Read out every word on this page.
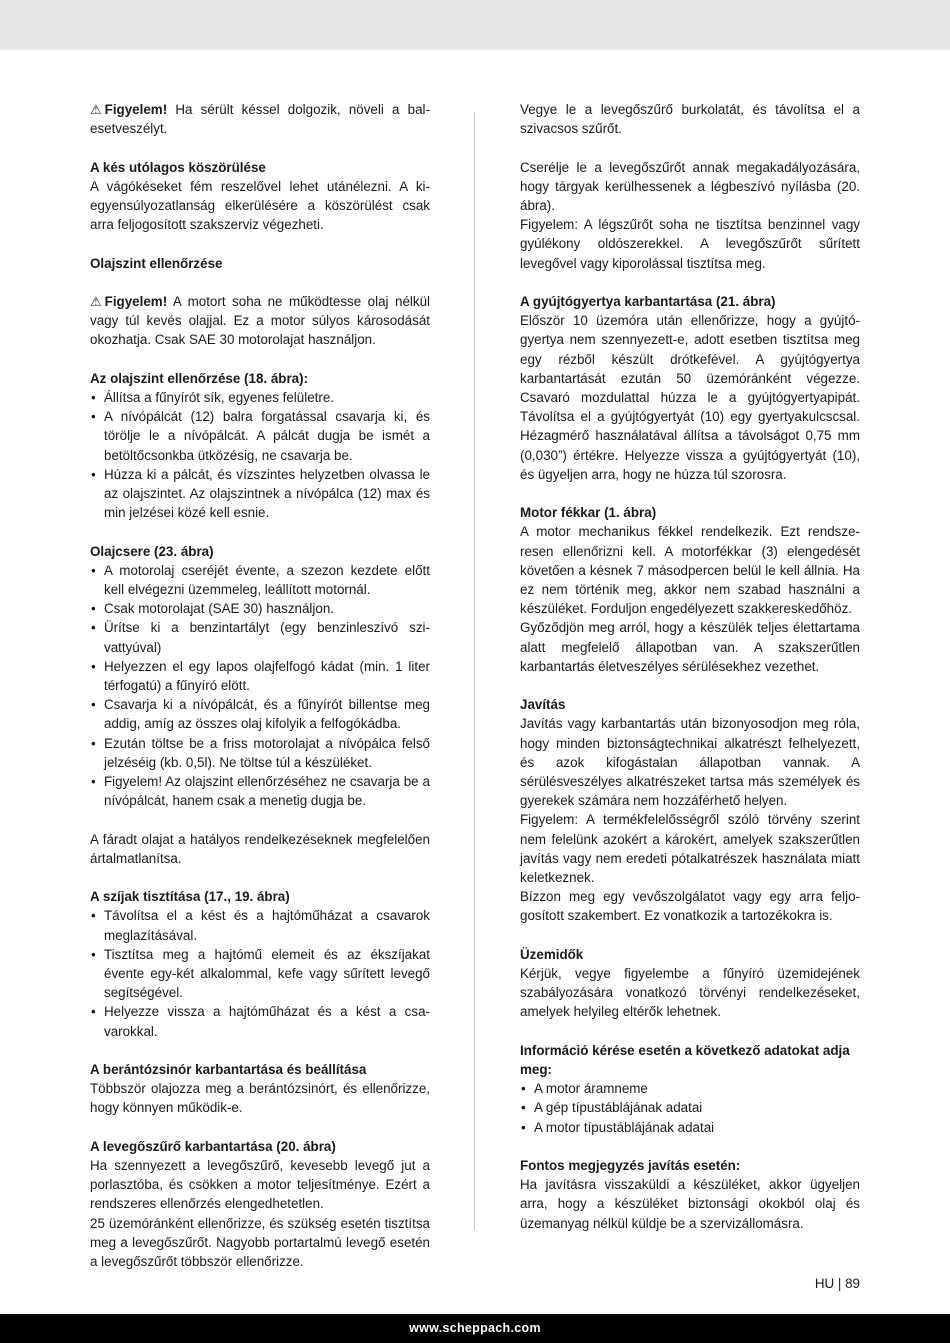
⚠ Figyelem! Ha sérült késsel dolgozik, növeli a balesetveszélyt.

A kés utólagos köszörülése

A vágókéseket fém reszelővel lehet utánélezni. A kiegyensúlyozatlanság elkerülésére a köszörülést csak arra feljogosított szakszerviz végezheti.

Olajszint ellenőrzése

⚠ Figyelem! A motort soha ne működtesse olaj nélkül vagy túl kevés olajjal. Ez a motor súlyos károsodását okozhatja. Csak SAE 30 motorolajat használjon.

Az olajszint ellenőrzése (18. ábra):
• Állítsa a fűnyírót sík, egyenes felületre.
• A nívópálcát (12) balra forgatással csavarja ki, és törölje le a nívópálcát. A pálcát dugja be ismét a betöltőcsonkba ütközésig, ne csavarja be.
• Húzza ki a pálcát, és vízszintes helyzetben olvassa le az olajszintet. Az olajszintnek a nívópálca (12) max és min jelzései közé kell esnie.
Olajcsere (23. ábra)
• A motorolaj cseréjét évente, a szezon kezdete előtt kell elvégezni üzemmeleg, leállított motornál.
• Csak motorolajat (SAE 30) használjon.
• Ürítse ki a benzintartályt (egy benzinleszívó szivattyúval)
• Helyezzen el egy lapos olajfelfogó kádat (min. 1 liter térfogatú) a fűnyíró elött.
• Csavarja ki a nívópálcát, és a fűnyírót billentse meg addig, amíg az összes olaj kifolyik a felfogókádba.
• Ezután töltse be a friss motorolajat a nívópálca felső jelzéséig (kb. 0,5l). Ne töltse túl a készüléket.
• Figyelem! Az olajszint ellenőrzéséhez ne csavarja be a nívópálcát, hanem csak a menetig dugja be.

A fáradt olajat a hatályos rendelkezéseknek megfelelően ártalmatlanítsa.

A szíjak tisztítása (17., 19. ábra)
• Távolítsa el a kést és a hajtóműházat a csavarok meglazításával.
• Tisztítsa meg a hajtómű elemeit és az ékszíjakat évente egy-két alkalommal, kefe vagy sűrített levegő segítségével.
• Helyezze vissza a hajtóműházat és a kést a csavarokkal.
A berántózsinór karbantartása és beállítása

Többször olajozza meg a berántózsinórt, és ellenőrizze, hogy könnyen működik-e.

A levegőszűrő karbantartása (20. ábra)

Ha szennyezett a levegőszűrő, kevesebb levegő jut a porlasztóba, és csökken a motor teljesítménye. Ezért a rendszeres ellenőrzés elengedhetetlen.

25 üzemóránként ellenőrizze, és szükség esetén tisztítsa meg a levegőszűrőt. Nagyobb portartalmú levegő esetén a levegőszűrőt többször ellenőrizze.

Vegye le a levegőszűrő burkolatát, és távolítsa el a szivacsos szűrőt.

Cserélje le a levegőszűrőt annak megakadályozására, hogy tárgyak kerülhessenek a légbeszívó nyílásba (20. ábra).

Figyelem: A légszűrőt soha ne tisztítsa benzinnel vagy gyúlékony oldószerekkel. A levegőszűrőt sűrített levegővel vagy kiporolással tisztítsa meg.

A gyújtógyertya karbantartása (21. ábra)

Először 10 üzemóra után ellenőrizze, hogy a gyújtógyertya nem szennyezett-e, adott esetben tisztítsa meg egy rézből készült drótkefével. A gyújtógyertya karbantartását ezután 50 üzemóránként végezze. Csavaró mozdulattal húzza le a gyújtógyertyapipát. Távolítsa el a gyújtógyertyát (10) egy gyertyakulcscsal. Hézagmérő használatával állítsa a távolságot 0,75 mm (0,030”) értékre. Helyezze vissza a gyújtógyertyát (10), és ügyeljen arra, hogy ne húzza túl szorosra.

Motor fékkar (1. ábra)

A motor mechanikus fékkel rendelkezik. Ezt rendszeresen ellenőrizni kell. A motorfékkar (3) elengedését követően a késnek 7 másodpercen belül le kell állnia. Ha ez nem történik meg, akkor nem szabad használni a készüléket. Forduljon engedélyezett szakkereskedőhöz.

Győződjön meg arról, hogy a készülék teljes élettartama alatt megfelelő állapotban van. A szakszerűtlen karbantartás életveszélyes sérülésekhez vezethet.

Javítás

Javítás vagy karbantartás után bizonyosodjon meg róla, hogy minden biztonságtechnikai alkatrészt felhelyezett, és azok kifogástalan állapotban vannak. A sérülésveszélyes alkatrészeket tartsa más személyek és gyerekek számára nem hozzáférhető helyen.

Figyelem: A termékfelelősségről szóló törvény szerint nem felelünk azokért a károkért, amelyek szakszerűtlen javítás vagy nem eredeti pótalkatrészek használata miatt keletkeznek.

Bízzon meg egy vevőszolgálatot vagy egy arra feljogosított szakembert. Ez vonatkozik a tartozékokra is.

Üzemidők

Kérjük, vegye figyelembe a fűnyíró üzemidejének szabályozására vonatkozó törvényi rendelkezéseket, amelyek helyileg eltérők lehetnek.

Információ kérése esetén a következő adatokat adja meg:
• A motor áramneme
• A gép típustáblájának adatai
• A motor típustáblájának adatai
Fontos megjegyzés javítás esetén:

Ha javításra visszaküldi a készüléket, akkor ügyeljen arra, hogy a készüléket biztonsági okokból olaj és üzemanyag nélkül küldje be a szervizállomásra.

HU | 89
www.scheppach.com
